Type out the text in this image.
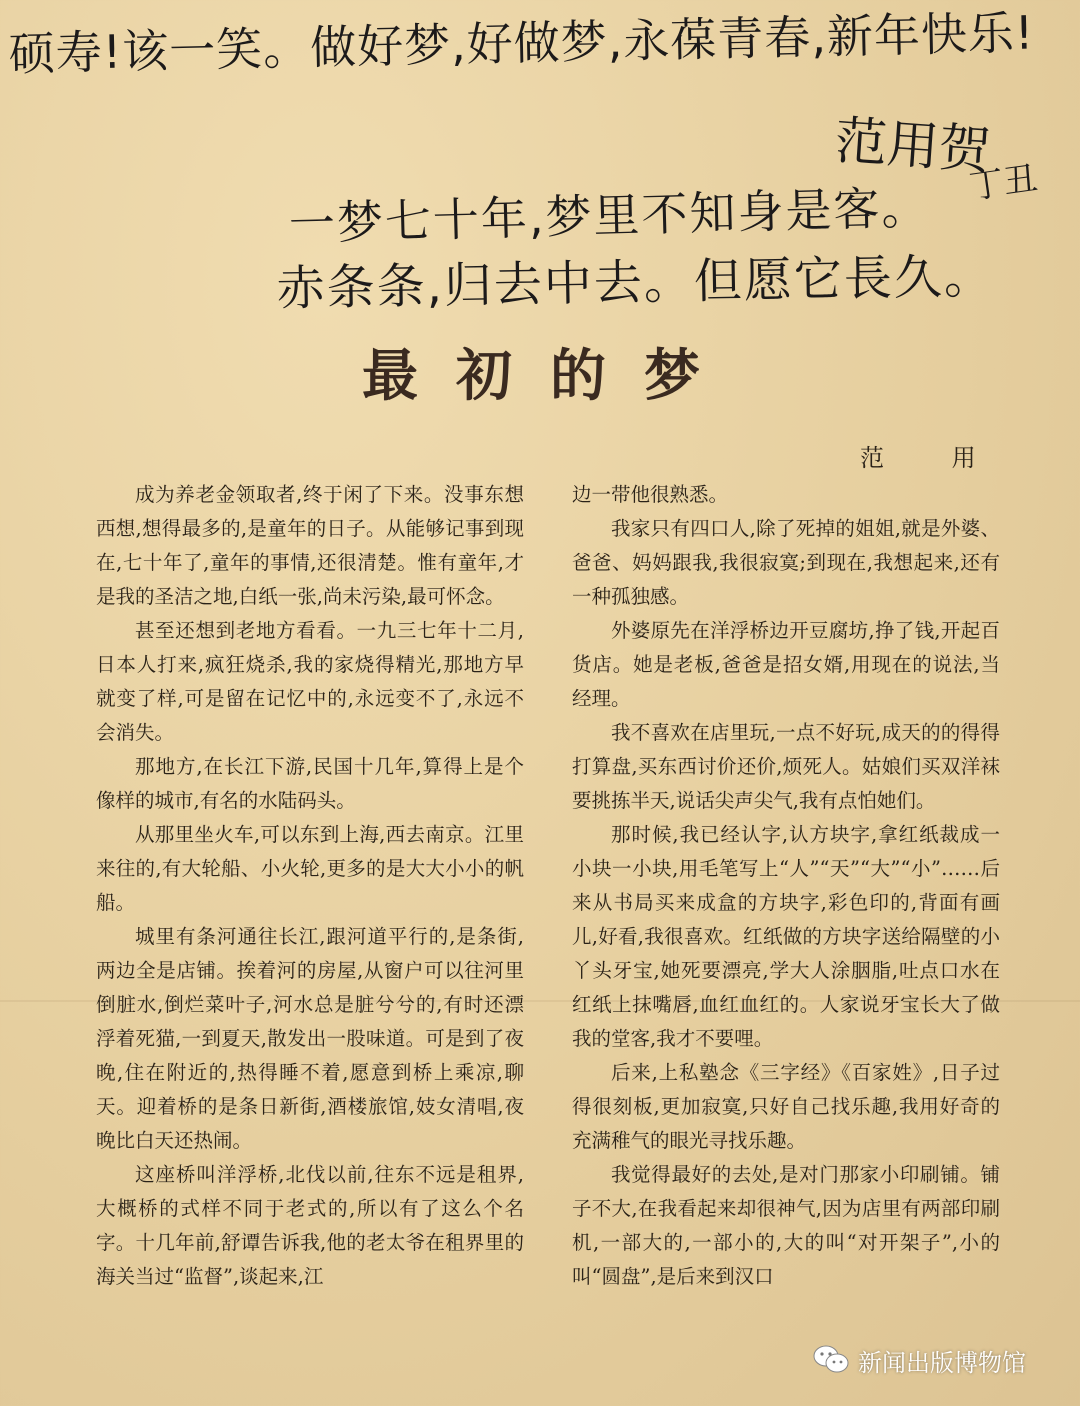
硕寿!该一笑。做好梦,好做梦,永葆青春,新年快乐!
范用贺
丁丑
一梦七十年,梦里不知身是客。
赤条条,归去中去。但愿它長久。
最初的梦
范 用

成为养老金领取者,终于闲了下来。没事东想西想,想得最多的,是童年的日子。从能够记事到现在,七十年了,童年的事情,还很清楚。惟有童年,才是我的圣洁之地,白纸一张,尚未污染,最可怀念。

甚至还想到老地方看看。一九三七年十二月,日本人打来,疯狂烧杀,我的家烧得精光,那地方早就变了样,可是留在记忆中的,永远变不了,永远不会消失。

那地方,在长江下游,民国十几年,算得上是个像样的城市,有名的水陆码头。

从那里坐火车,可以东到上海,西去南京。江里来往的,有大轮船、小火轮,更多的是大大小小的帆船。

城里有条河通往长江,跟河道平行的,是条街,两边全是店铺。挨着河的房屋,从窗户可以往河里倒脏水,倒烂菜叶子,河水总是脏兮兮的,有时还漂浮着死猫,一到夏天,散发出一股味道。可是到了夜晚,住在附近的,热得睡不着,愿意到桥上乘凉,聊天。迎着桥的是条日新街,酒楼旅馆,妓女清唱,夜晚比白天还热闹。

这座桥叫洋浮桥,北伐以前,往东不远是租界,大概桥的式样不同于老式的,所以有了这么个名字。十几年前,舒谭告诉我,他的老太爷在租界里的海关当过“监督”,谈起来,江

边一带他很熟悉。

我家只有四口人,除了死掉的姐姐,就是外婆、爸爸、妈妈跟我,我很寂寞;到现在,我想起来,还有一种孤独感。

外婆原先在洋浮桥边开豆腐坊,挣了钱,开起百货店。她是老板,爸爸是招女婿,用现在的说法,当经理。

我不喜欢在店里玩,一点不好玩,成天的的得得打算盘,买东西讨价还价,烦死人。姑娘们买双洋袜要挑拣半天,说话尖声尖气,我有点怕她们。

那时候,我已经认字,认方块字,拿红纸裁成一小块一小块,用毛笔写上“人”“天”“大”“小”……后来从书局买来成盒的方块字,彩色印的,背面有画儿,好看,我很喜欢。红纸做的方块字送给隔壁的小丫头牙宝,她死要漂亮,学大人涂胭脂,吐点口水在红纸上抹嘴唇,血红血红的。人家说牙宝长大了做我的堂客,我才不要哩。

后来,上私塾念《三字经》《百家姓》,日子过得很刻板,更加寂寞,只好自己找乐趣,我用好奇的充满稚气的眼光寻找乐趣。

我觉得最好的去处,是对门那家小印刷铺。铺子不大,在我看起来却很神气,因为店里有两部印刷机,一部大的,一部小的,大的叫“对开架子”,小的叫“圆盘”,是后来到汉口

新闻出版博物馆
